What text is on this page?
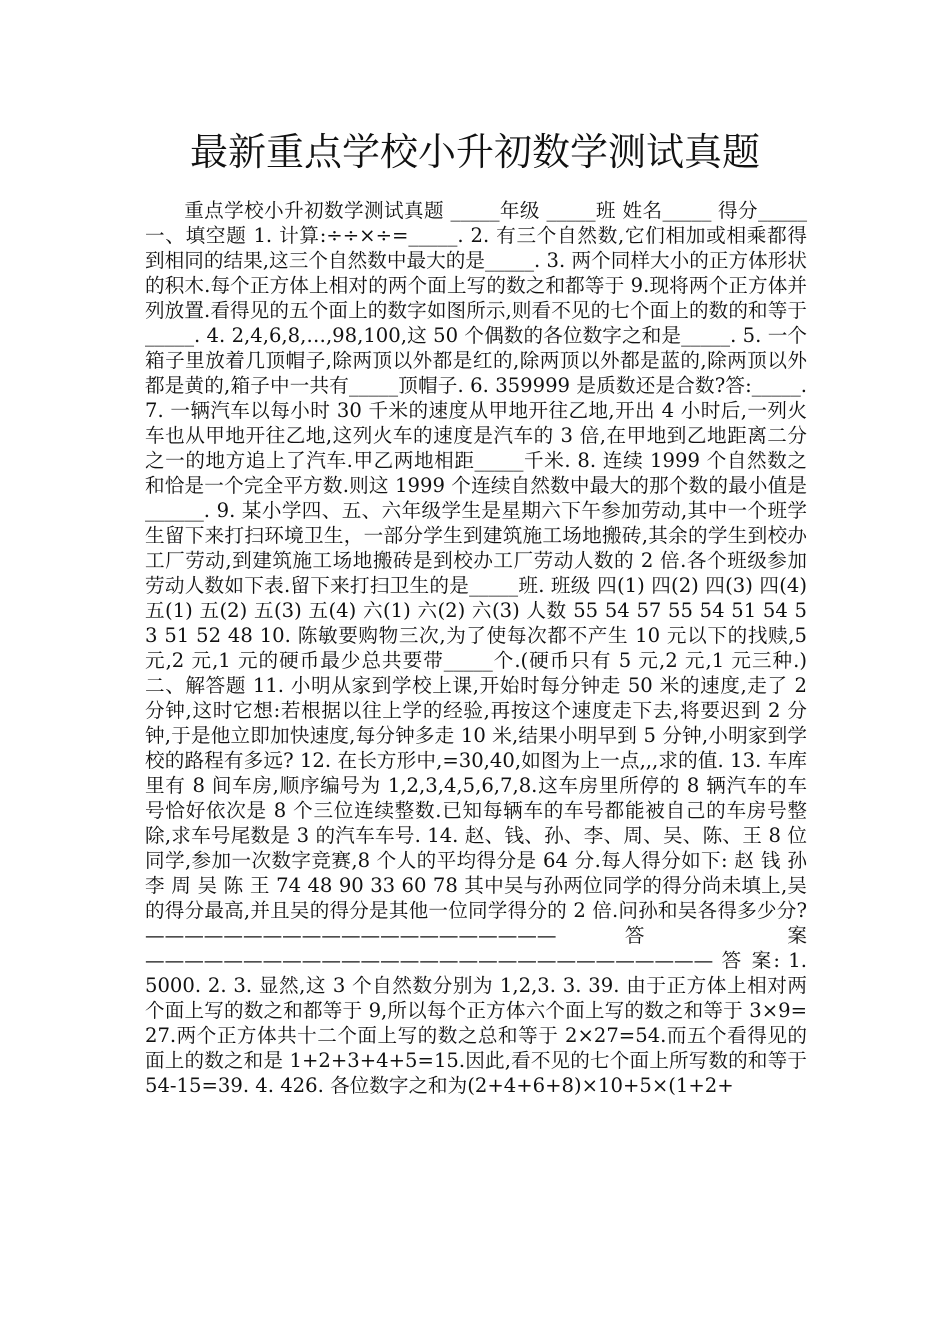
最新重点学校小升初数学测试真题

重点学校小升初数学测试真题 _____年级 _____班 姓名_____ 得分_____ 一、填空题 1. 计算:÷÷×÷=_____. 2. 有三个自然数,它们相加或相乘都得到相同的结果,这三个自然数中最大的是_____. 3. 两个同样大小的正方体形状的积木.每个正方体上相对的两个面上写的数之和都等于 9.现将两个正方体并列放置.看得见的五个面上的数字如图所示,则看不见的七个面上的数的和等于_____. 4. 2,4,6,8,…,98,100,这 50 个偶数的各位数字之和是_____. 5. 一个箱子里放着几顶帽子,除两顶以外都是红的,除两顶以外都是蓝的,除两顶以外都是黄的,箱子中一共有_____顶帽子. 6. 359999 是质数还是合数?答:_____. 7. 一辆汽车以每小时 30 千米的速度从甲地开往乙地,开出 4 小时后,一列火车也从甲地开往乙地,这列火车的速度是汽车的 3 倍,在甲地到乙地距离二分之一的地方追上了汽车.甲乙两地相距_____千米. 8. 连续 1999 个自然数之和恰是一个完全平方数.则这 1999 个连续自然数中最大的那个数的最小值是______. 9. 某小学四、五、六年级学生是星期六下午参加劳动,其中一个班学生留下来打扫环境卫生，一部分学生到建筑施工场地搬砖,其余的学生到校办工厂劳动,到建筑施工场地搬砖是到校办工厂劳动人数的 2 倍.各个班级参加劳动人数如下表.留下来打扫卫生的是_____班. 班级 四(1) 四(2) 四(3) 四(4) 五(1) 五(2) 五(3) 五(4) 六(1) 六(2) 六(3) 人数 55 54 57 55 54 51 54 53 51 52 48 10. 陈敏要购物三次,为了使每次都不产生 10 元以下的找赎,5 元,2 元,1 元的硬币最少总共要带_____个.(硬币只有 5 元,2 元,1 元三种.) 二、解答题 11. 小明从家到学校上课,开始时每分钟走 50 米的速度,走了 2 分钟,这时它想:若根据以往上学的经验,再按这个速度走下去,将要迟到 2 分钟,于是他立即加快速度,每分钟多走 10 米,结果小明早到 5 分钟,小明家到学校的路程有多远? 12. 在长方形中,=30,40,如图为上一点,,,求的值. 13. 车库里有 8 间车房,顺序编号为 1,2,3,4,5,6,7,8.这车房里所停的 8 辆汽车的车号恰好依次是 8 个三位连续整数.已知每辆车的车号都能被自己的车房号整除,求车号尾数是 3 的汽车车号. 14. 赵、钱、孙、李、周、吴、陈、王 8 位同学,参加一次数字竞赛,8 个人的平均得分是 64 分.每人得分如下: 赵 钱 孙 李 周 吴 陈 王 74 48 90 33 60 78 其中吴与孙两位同学的得分尚未填上,吴的得分最高,并且吴的得分是其他一位同学得分的 2 倍.问孙和吴各得多少分? —————————————————————答 案————————————————————————————— 答 案: 1. 5000. 2. 3. 显然,这 3 个自然数分别为 1,2,3. 3. 39. 由于正方体上相对两个面上写的数之和都等于 9,所以每个正方体六个面上写的数之和等于 3×9=27.两个正方体共十二个面上写的数之总和等于 2×27=54.而五个看得见的面上的数之和是 1+2+3+4+5=15.因此,看不见的七个面上所写数的和等于 54-15=39. 4. 426. 各位数字之和为(2+4+6+8)×10+5×(1+2+
